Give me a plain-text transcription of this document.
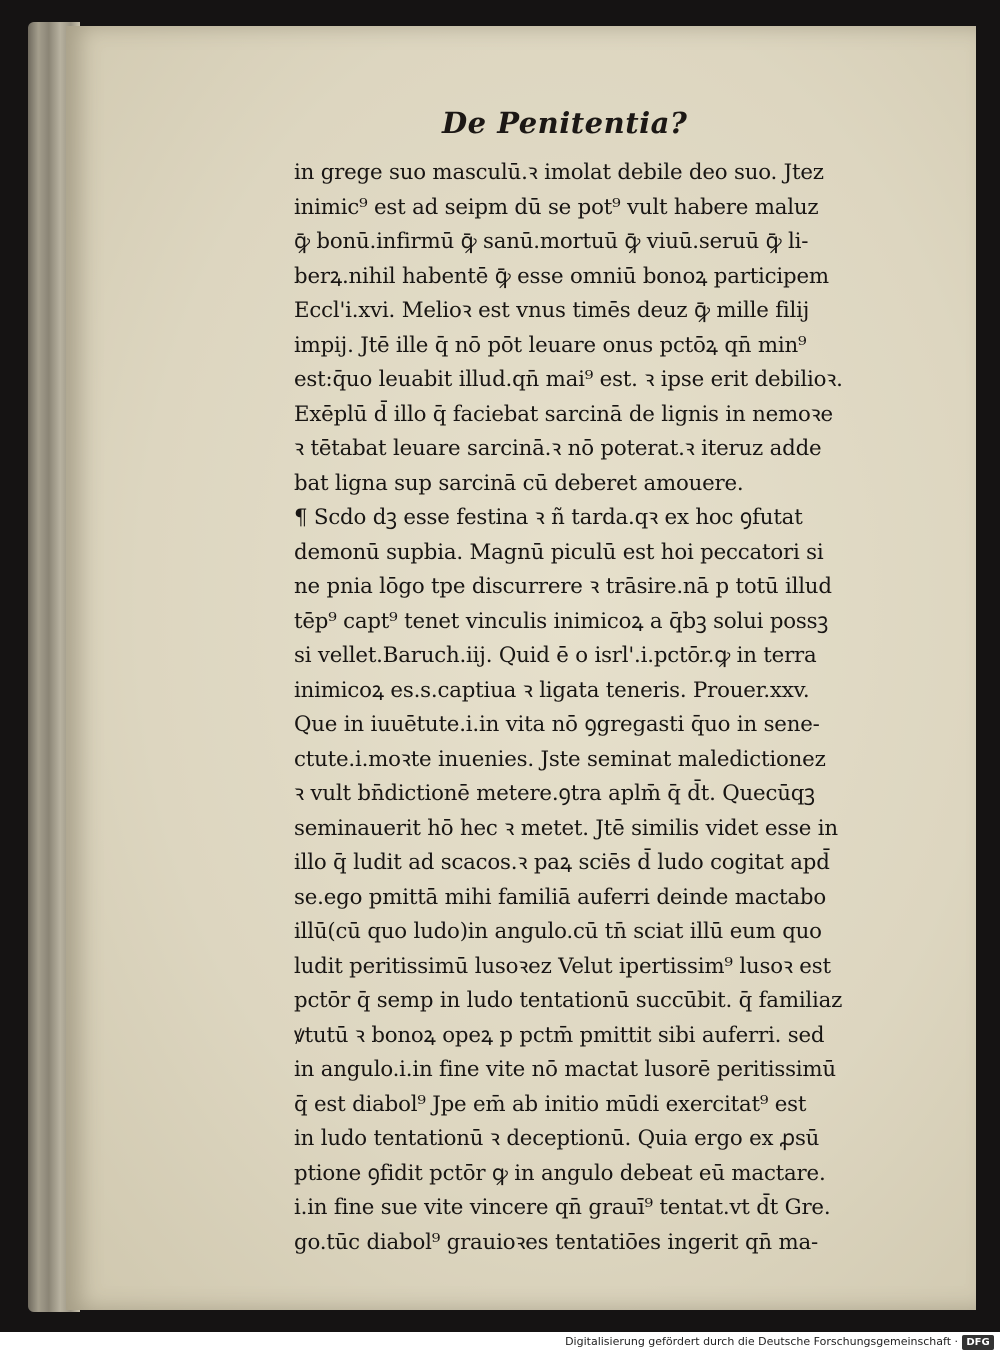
De Penitentia?
in grege suo masculū.ꝛ imolat debile deo suo. Jtez
inimic⁹ est ad seipm dū se pot⁹ vult habere maluz
ꝙ̄ bonū.infirmū ꝙ̄ sanū.mortuū ꝙ̄ viuū.seruū ꝙ̄ li-
berꝝ.nihil habentē ꝙ̄ esse omniū bonoꝝ participem
Eccl'i.xvi. Melioꝛ est vnus timēs deuz ꝙ̄ mille filij
impij. Jtē ille q̄ nō pōt leuare onus pctōꝝ qn̄ min⁹
est:q̄uo leuabit illud.qn̄ mai⁹ est. ꝛ ipse erit debilioꝛ.
Exēplū d̄ illo q̄ faciebat sarcinā de lignis in nemoꝛe
ꝛ tētabat leuare sarcinā.ꝛ nō poterat.ꝛ iteruz adde
bat ligna sup sarcinā cū deberet amouere.
¶ Scdo dꝫ esse festina ꝛ ñ tarda.qꝛ ex hoc ꝯfutat
demonū supbia. Magnū piculū est hoi peccatori si
ne pnia lōgo tpe discurrere ꝛ trāsire.nā p totū illud
tēp⁹ capt⁹ tenet vinculis inimicoꝝ a q̄bꝫ solui possꝫ
si vellet.Baruch.iij. Quid ē o isrl'.i.pctōr.ꝙ in terra
inimicoꝝ es.s.captiua ꝛ ligata teneris. Prouer.xxv.
Que in iuuētute.i.in vita nō ꝯgregasti q̄uo in sene-
ctute.i.moꝛte inuenies. Jste seminat maledictionez
ꝛ vult bn̄dictionē metere.ꝯtra aplm̄ q̄ d̄t. Quecūqꝫ
seminauerit hō hec ꝛ metet. Jtē similis videt esse in
illo q̄ ludit ad scacos.ꝛ paꝝ sciēs d̄ ludo cogitat apd̄
se.ego pmittā mihi familiā auferri deinde mactabo
illū(cū quo ludo)in angulo.cū tn̄ sciat illū eum quo
ludit peritissimū lusoꝛez Velut ipertissim⁹ lusoꝛ est
pctōr q̄ semp in ludo tentationū succūbit. q̄ familiaz
ꝟtutū ꝛ bonoꝝ opeꝝ p pctm̄ pmittit sibi auferri. sed
in angulo.i.in fine vite nō mactat lusorē peritissimū
q̄ est diabol⁹ Jpe em̄ ab initio mūdi exercitat⁹ est
in ludo tentationū ꝛ deceptionū. Quia ergo ex ꝓsū
ptione ꝯfidit pctōr ꝙ in angulo debeat eū mactare.
i.in fine sue vite vincere qn̄ grauī⁹ tentat.vt d̄t Gre.
go.tūc diabol⁹ grauioꝛes tentatiōes ingerit qn̄ ma-
Digitalisierung gefördert durch die Deutsche Forschungsgemeinschaft · DFG
